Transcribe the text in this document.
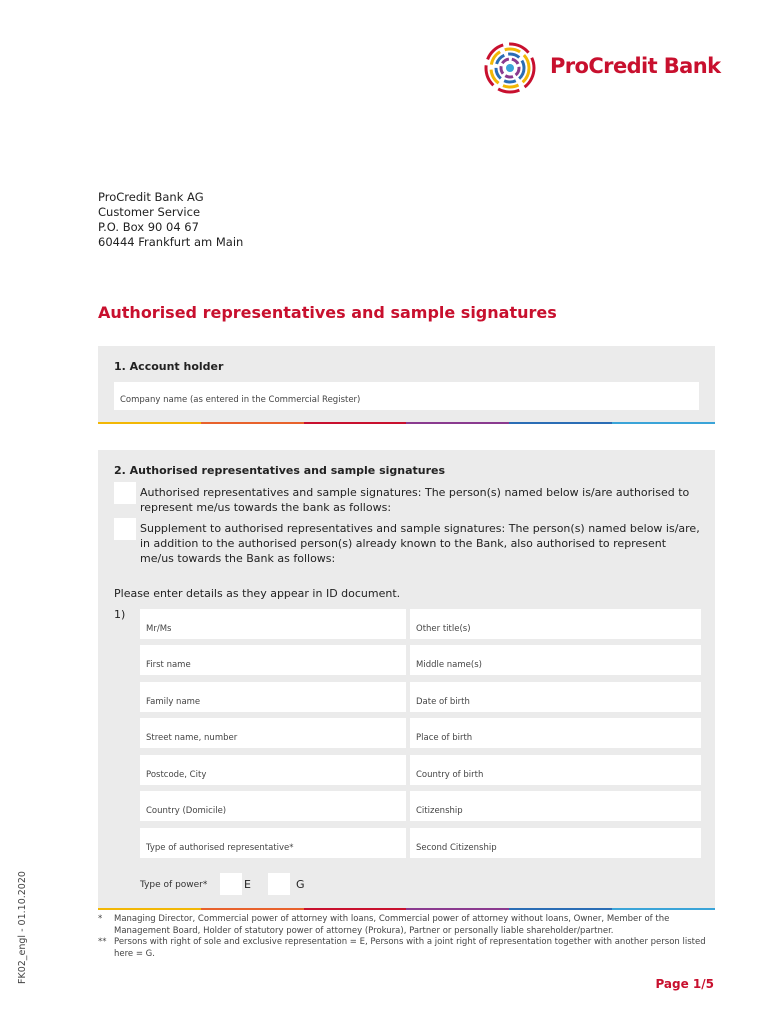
ProCredit Bank
ProCredit Bank AG
Customer Service
P.O. Box 90 04 67
60444 Frankfurt am Main
Authorised representatives and sample signatures
1. Account holder
Company name (as entered in the Commercial Register)
2. Authorised representatives and sample signatures
Authorised representatives and sample signatures: The person(s) named below is/are authorised to represent me/us towards the bank as follows:
Supplement to authorised representatives and sample signatures: The person(s) named below is/are, in addition to the authorised person(s) already known to the Bank, also authorised to represent me/us towards the Bank as follows:
Please enter details as they appear in ID document.
1)
Mr/Ms	Other title(s)
First name	Middle name(s)
Family name	Date of birth
Street name, number	Place of birth
Postcode, City	Country of birth
Country (Domicile)	Citizenship
Type of authorised representative*	Second Citizenship
Type of power*	E	G
* Managing Director, Commercial power of attorney with loans, Commercial power of attorney without loans, Owner, Member of the Management Board, Holder of statutory power of attorney (Prokura), Partner or personally liable shareholder/partner.
** Persons with right of sole and exclusive representation = E, Persons with a joint right of representation together with another person listed here = G.
Page 1/5
FK02_engl - 01.10.2020
